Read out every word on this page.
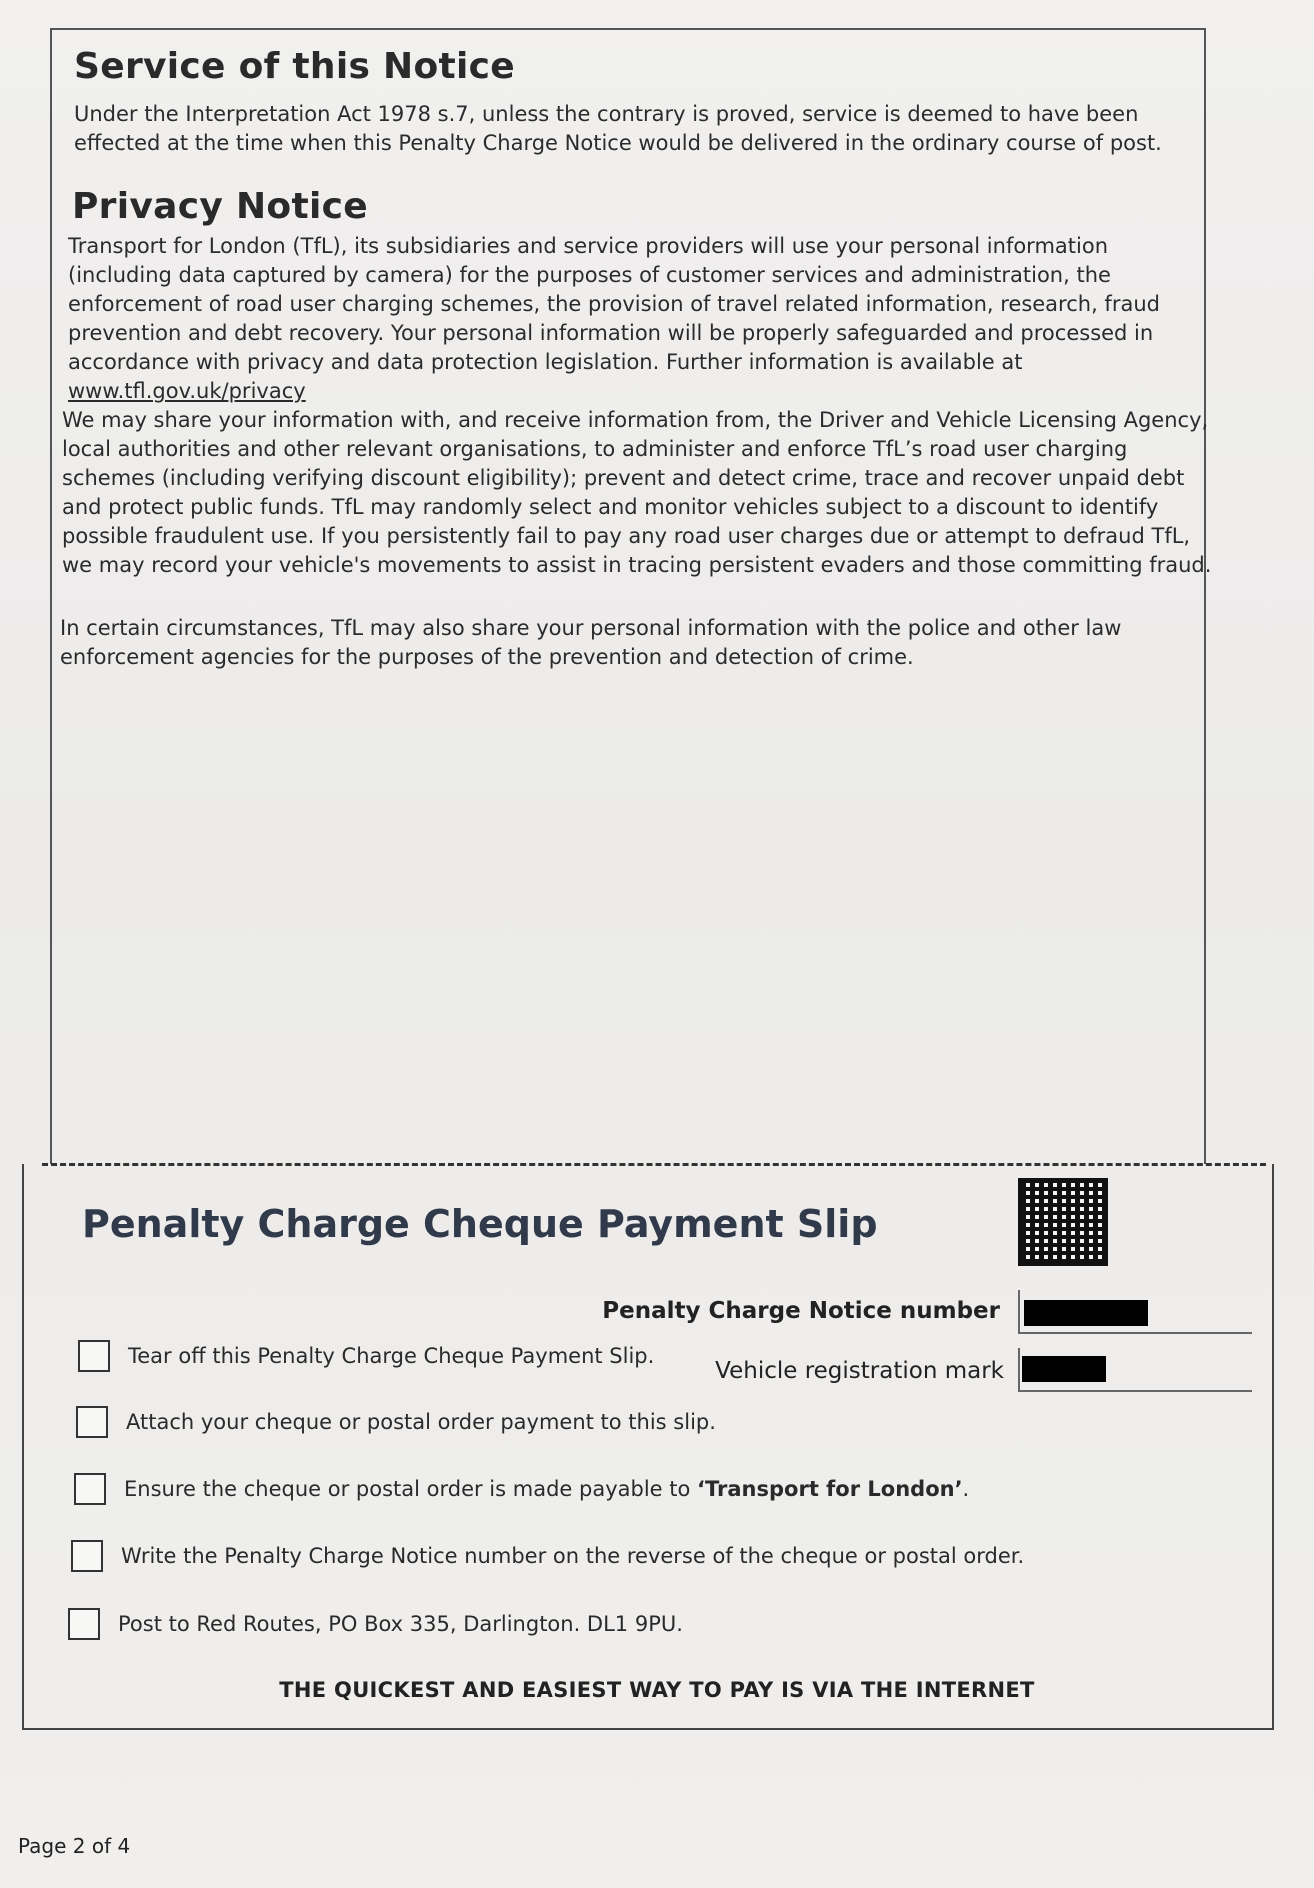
Service of this Notice
Under the Interpretation Act 1978 s.7, unless the contrary is proved, service is deemed to have been effected at the time when this Penalty Charge Notice would be delivered in the ordinary course of post.
Privacy Notice
Transport for London (TfL), its subsidiaries and service providers will use your personal information (including data captured by camera) for the purposes of customer services and administration, the enforcement of road user charging schemes, the provision of travel related information, research, fraud prevention and debt recovery. Your personal information will be properly safeguarded and processed in accordance with privacy and data protection legislation. Further information is available at www.tfl.gov.uk/privacy
We may share your information with, and receive information from, the Driver and Vehicle Licensing Agency, local authorities and other relevant organisations, to administer and enforce TfL’s road user charging schemes (including verifying discount eligibility); prevent and detect crime, trace and recover unpaid debt and protect public funds. TfL may randomly select and monitor vehicles subject to a discount to identify possible fraudulent use. If you persistently fail to pay any road user charges due or attempt to defraud TfL, we may record your vehicle's movements to assist in tracing persistent evaders and those committing fraud.
In certain circumstances, TfL may also share your personal information with the police and other law enforcement agencies for the purposes of the prevention and detection of crime.
Penalty Charge Cheque Payment Slip
Penalty Charge Notice number
Vehicle registration mark
Tear off this Penalty Charge Cheque Payment Slip.
Attach your cheque or postal order payment to this slip.
Ensure the cheque or postal order is made payable to ‘Transport for London’.
Write the Penalty Charge Notice number on the reverse of the cheque or postal order.
Post to Red Routes, PO Box 335, Darlington. DL1 9PU.
THE QUICKEST AND EASIEST WAY TO PAY IS VIA THE INTERNET
Page 2 of 4
